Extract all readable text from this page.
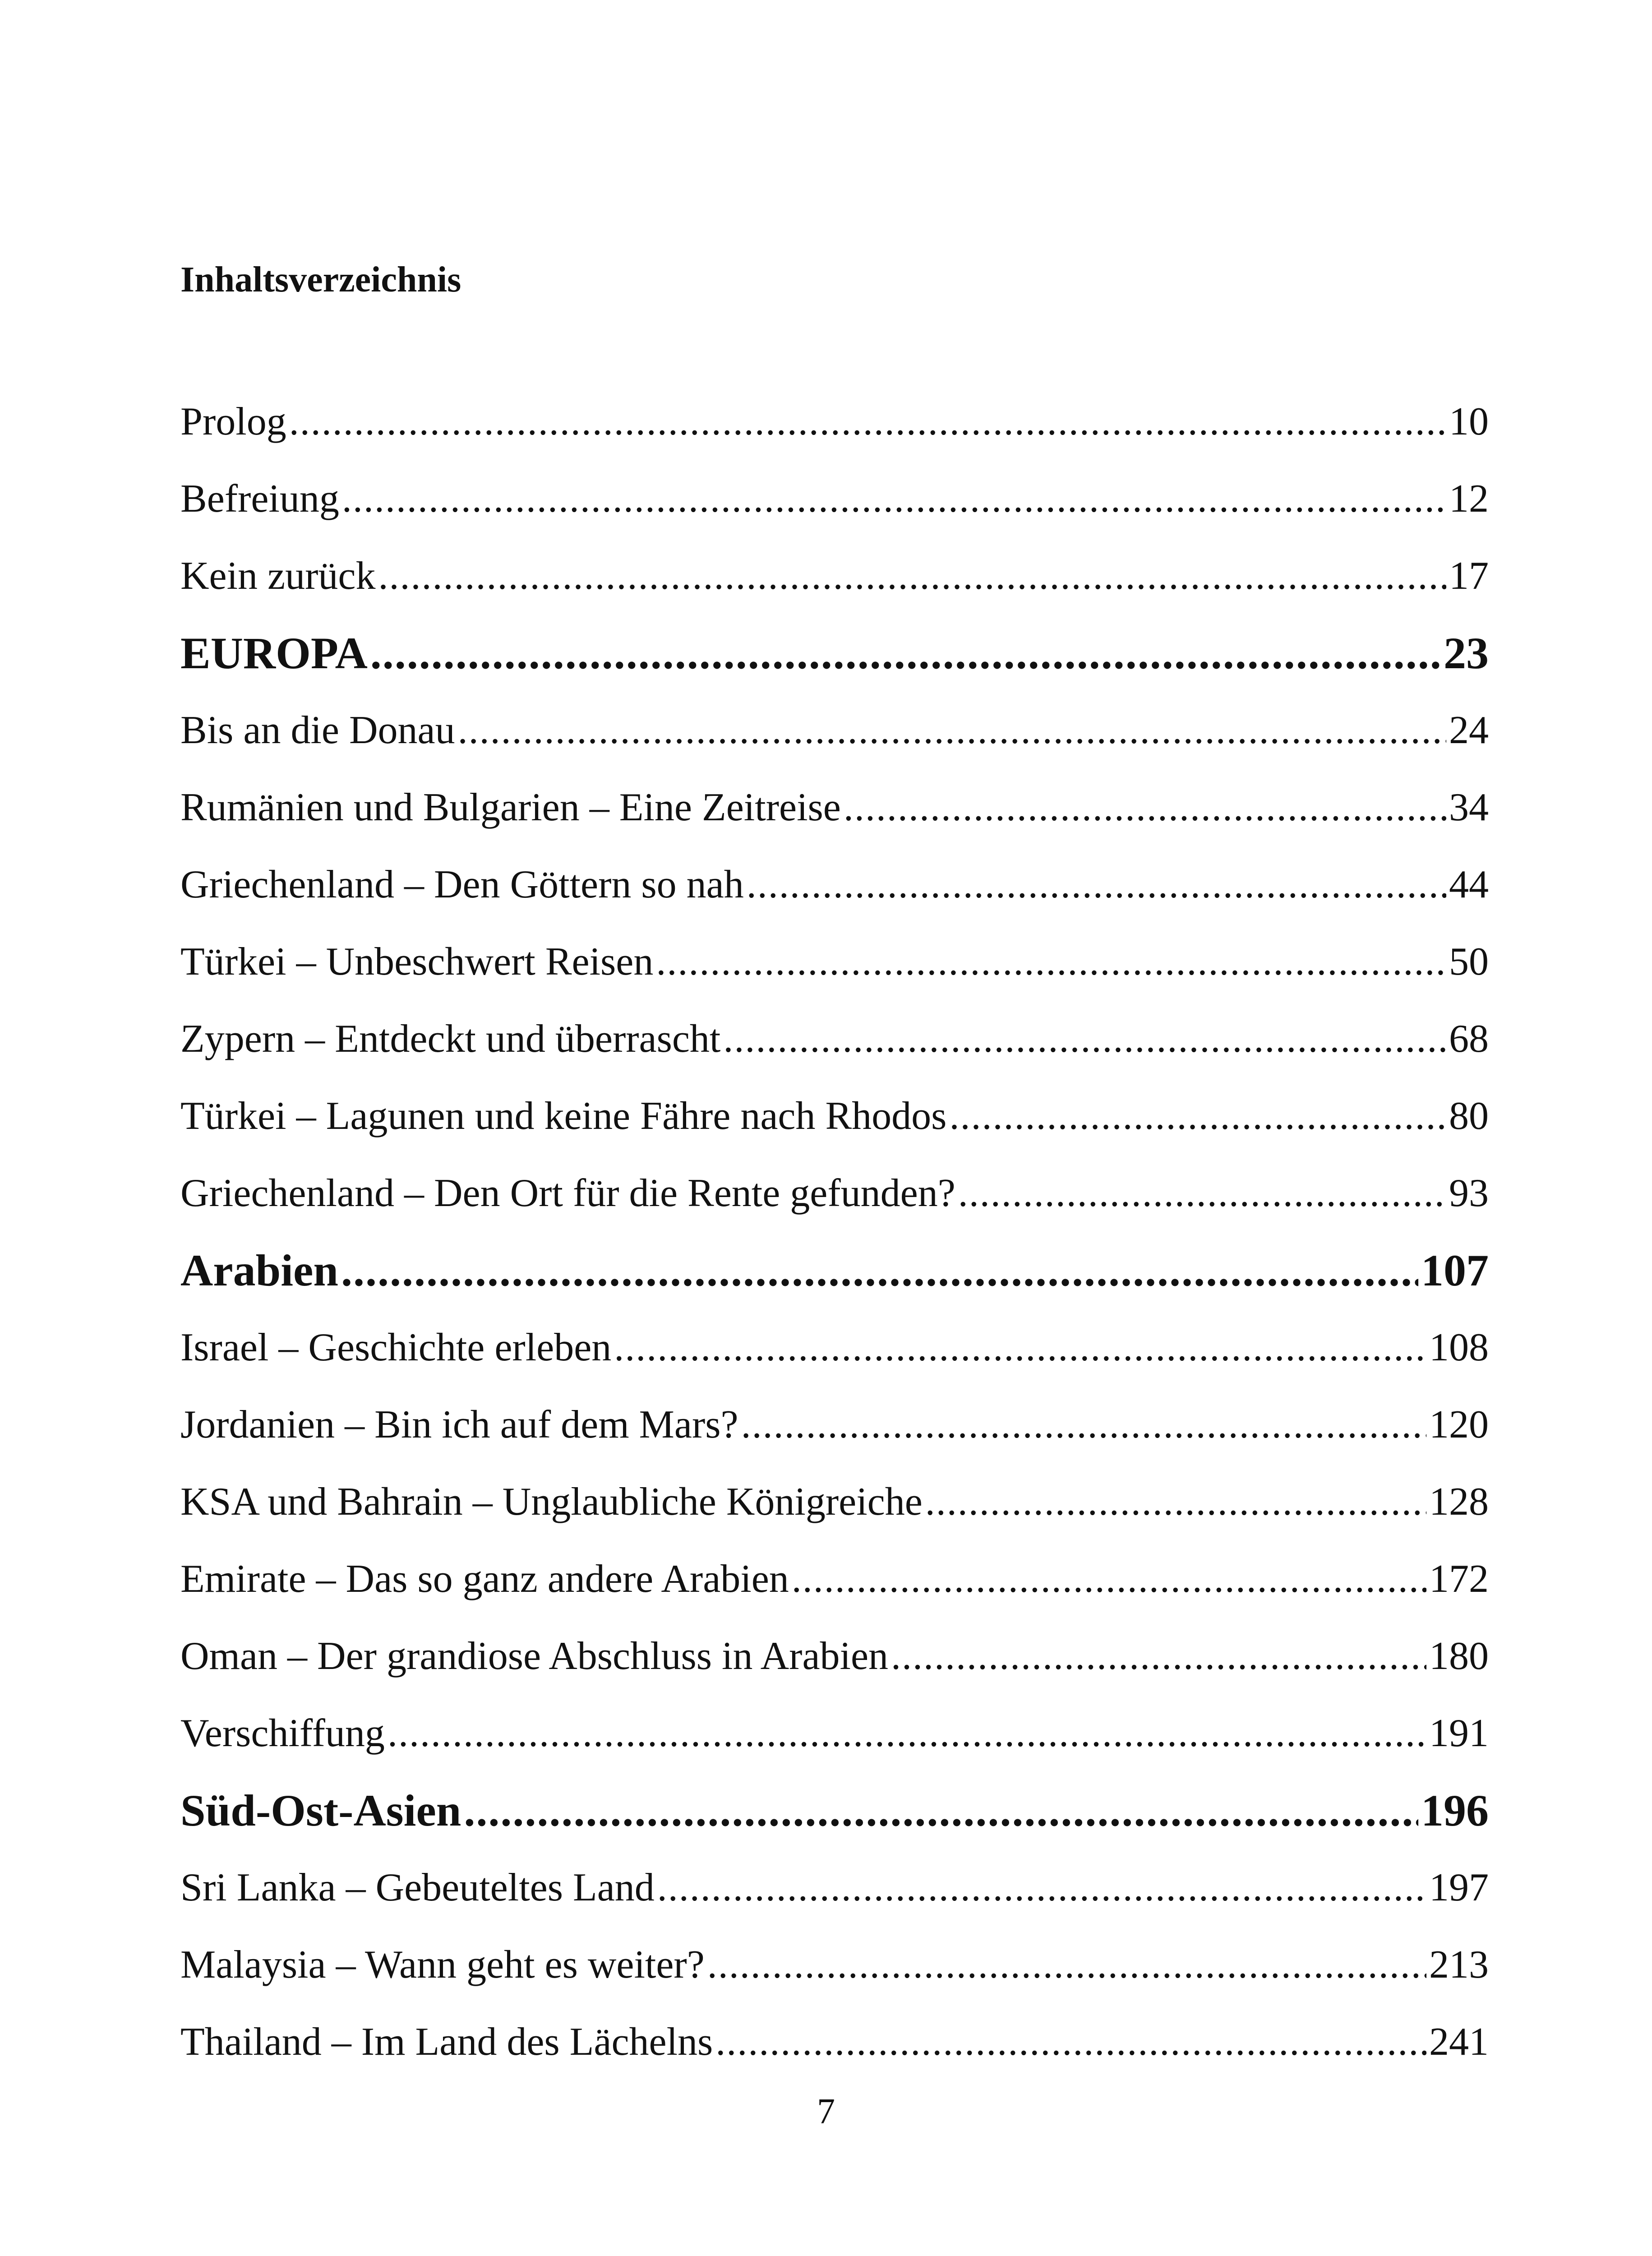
Inhaltsverzeichnis
Prolog .....	10
Befreiung .....	12
Kein zurück .....	17
EUROPA .....	23
Bis an die Donau .....	24
Rumänien und Bulgarien – Eine Zeitreise .....	34
Griechenland – Den Göttern so nah .....	44
Türkei – Unbeschwert Reisen .....	50
Zypern – Entdeckt und überrascht .....	68
Türkei – Lagunen und keine Fähre nach Rhodos .....	80
Griechenland – Den Ort für die Rente gefunden? .....	93
Arabien .....	107
Israel – Geschichte erleben .....	108
Jordanien – Bin ich auf dem Mars? .....	120
KSA und Bahrain – Unglaubliche Königreiche .....	128
Emirate – Das so ganz andere Arabien .....	172
Oman – Der grandiose Abschluss in Arabien .....	180
Verschiffung .....	191
Süd-Ost-Asien .....	196
Sri Lanka – Gebeuteltes Land .....	197
Malaysia – Wann geht es weiter? .....	213
Thailand – Im Land des Lächelns .....	241
7
